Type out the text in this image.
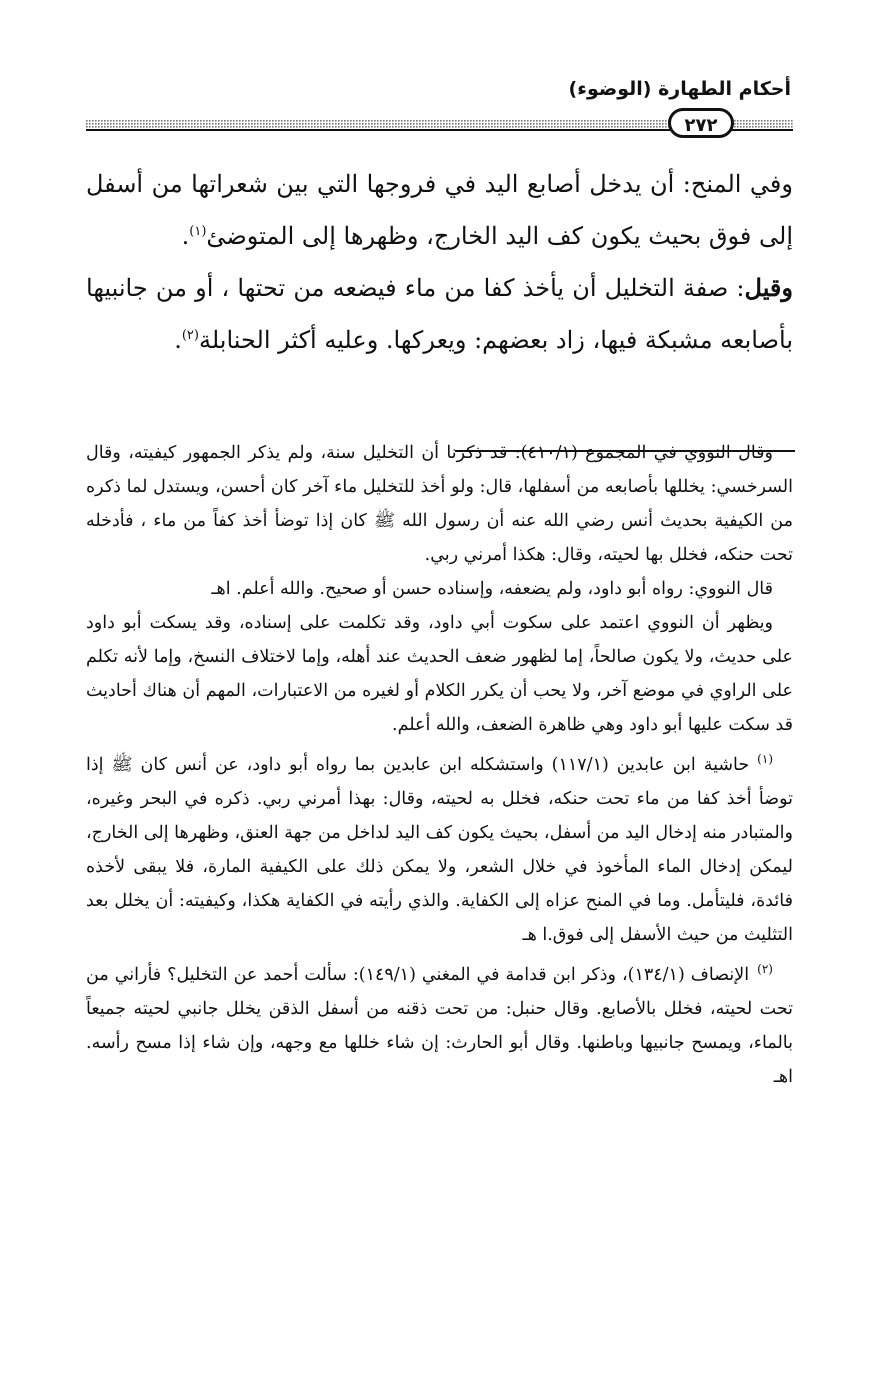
أحكام الطهارة (الوضوء)
٢٧٢

وفي المنح: أن يدخل أصابع اليد في فروجها التي بين شعراتها من أسفل إلى فوق بحيث يكون كف اليد الخارج، وظهرها إلى المتوضئ$^{(١)}$.

وقيل: صفة التخليل أن يأخذ كفا من ماء فيضعه من تحتها ، أو من جانبيها بأصابعه مشبكة فيها، زاد بعضهم: ويعركها. وعليه أكثر الحنابلة$^{(٢)}$.

وقال النووي في المجموع (٤١٠/١): قد ذكرنا أن التخليل سنة، ولم يذكر الجمهور كيفيته، وقال السرخسي: يخللها بأصابعه من أسفلها، قال: ولو أخذ للتخليل ماء آخر كان أحسن، ويستدل لما ذكره من الكيفية بحديث أنس رضي الله عنه أن رسول الله ﷺ كان إذا توضأ أخذ كفاً من ماء ، فأدخله تحت حنكه، فخلل بها لحيته، وقال: هكذا أمرني ربي.

قال النووي: رواه أبو داود، ولم يضعفه، وإسناده حسن أو صحيح. والله أعلم. اهـ

ويظهر أن النووي اعتمد على سكوت أبي داود، وقد تكلمت على إسناده، وقد يسكت أبو داود على حديث، ولا يكون صالحاً، إما لظهور ضعف الحديث عند أهله، وإما لاختلاف النسخ، وإما لأنه تكلم على الراوي في موضع آخر، ولا يحب أن يكرر الكلام أو لغيره من الاعتبارات، المهم أن هناك أحاديث قد سكت عليها أبو داود وهي ظاهرة الضعف، والله أعلم.

$^{(١)}$حاشية ابن عابدين (١١٧/١) واستشكله ابن عابدين بما رواه أبو داود، عن أنس كان ﷺ إذا توضأ أخذ كفا من ماء تحت حنكه، فخلل به لحيته، وقال: بهذا أمرني ربي. ذكره في البحر وغيره، والمتبادر منه إدخال اليد من أسفل، بحيث يكون كف اليد لداخل من جهة العنق، وظهرها إلى الخارج، ليمكن إدخال الماء المأخوذ في خلال الشعر، ولا يمكن ذلك على الكيفية المارة، فلا يبقى لأخذه فائدة، فليتأمل. وما في المنح عزاه إلى الكفاية. والذي رأيته في الكفاية هكذا، وكيفيته: أن يخلل بعد التثليث من حيث الأسفل إلى فوق.ا هـ

$^{(٢)}$الإنصاف (١٣٤/١)، وذكر ابن قدامة في المغني (١٤٩/١): سألت أحمد عن التخليل؟ فأراني من تحت لحيته، فخلل بالأصابع. وقال حنبل: من تحت ذقنه من أسفل الذقن يخلل جانبي لحيته جميعاً بالماء، ويمسح جانبيها وباطنها. وقال أبو الحارث: إن شاء خللها مع وجهه، وإن شاء إذا مسح رأسه. اهـ
